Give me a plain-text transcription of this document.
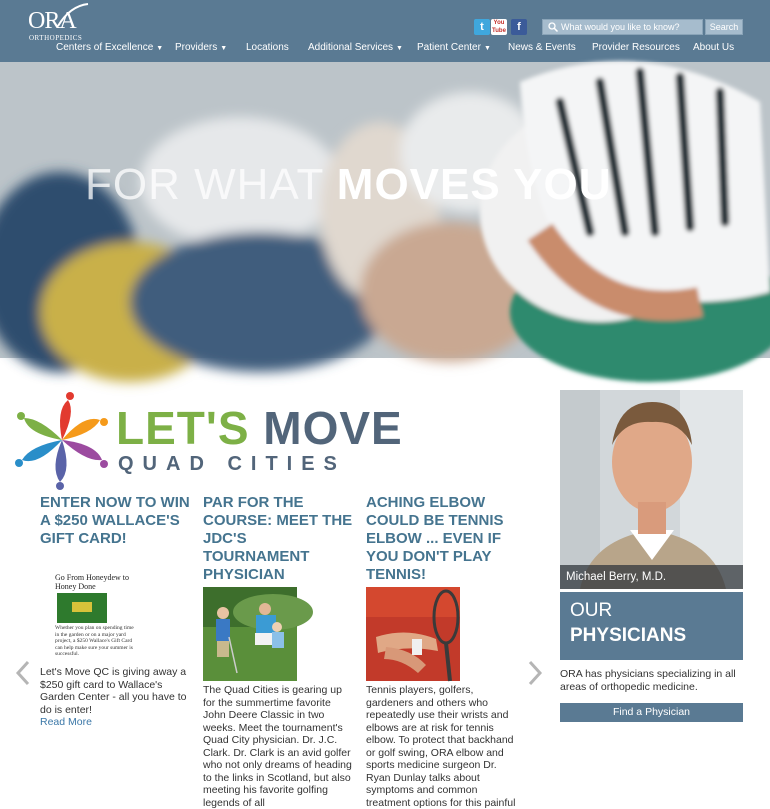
ORA
ORTHOPEDICS
t	You Tube	f
What would you like to know?	Search
Centers of Excellence ▼ Providers ▼ Locations Additional Services ▼ Patient Center ▼ News & Events Provider Resources About Us
FOR WHAT MOVES YOU
LET'S MOVE
QUAD CITIES
ENTER NOW TO WIN A $250 WALLACE'S GIFT CARD!
Go From Honeydew to Honey Done
Whether you plan on spending time in the garden or on a major yard project, a $250 Wallace's Gift Card can help make sure your summer is successful.
Let's Move QC is giving away a $250 gift card to Wallace's Garden Center - all you have to do is enter!
Read More
PAR FOR THE COURSE: MEET THE JDC'S TOURNAMENT PHYSICIAN
The Quad Cities is gearing up for the summertime favorite John Deere Classic in two weeks. Meet the tournament's Quad City physician. Dr. J.C. Clark. Dr. Clark is an avid golfer who not only dreams of heading to the links in Scotland, but also meeting his favorite golfing legends of all
ACHING ELBOW COULD BE TENNIS ELBOW ... EVEN IF YOU DON'T PLAY TENNIS!
Tennis players, golfers, gardeners and others who repeatedly use their wrists and elbows are at risk for tennis elbow. To protect that backhand or golf swing, ORA elbow and sports medicine surgeon Dr. Ryan Dunlay talks about symptoms and common treatment options for this painful
Michael Berry, M.D.
OUR
PHYSICIANS
ORA has physicians specializing in all areas of orthopedic medicine.
Find a Physician
